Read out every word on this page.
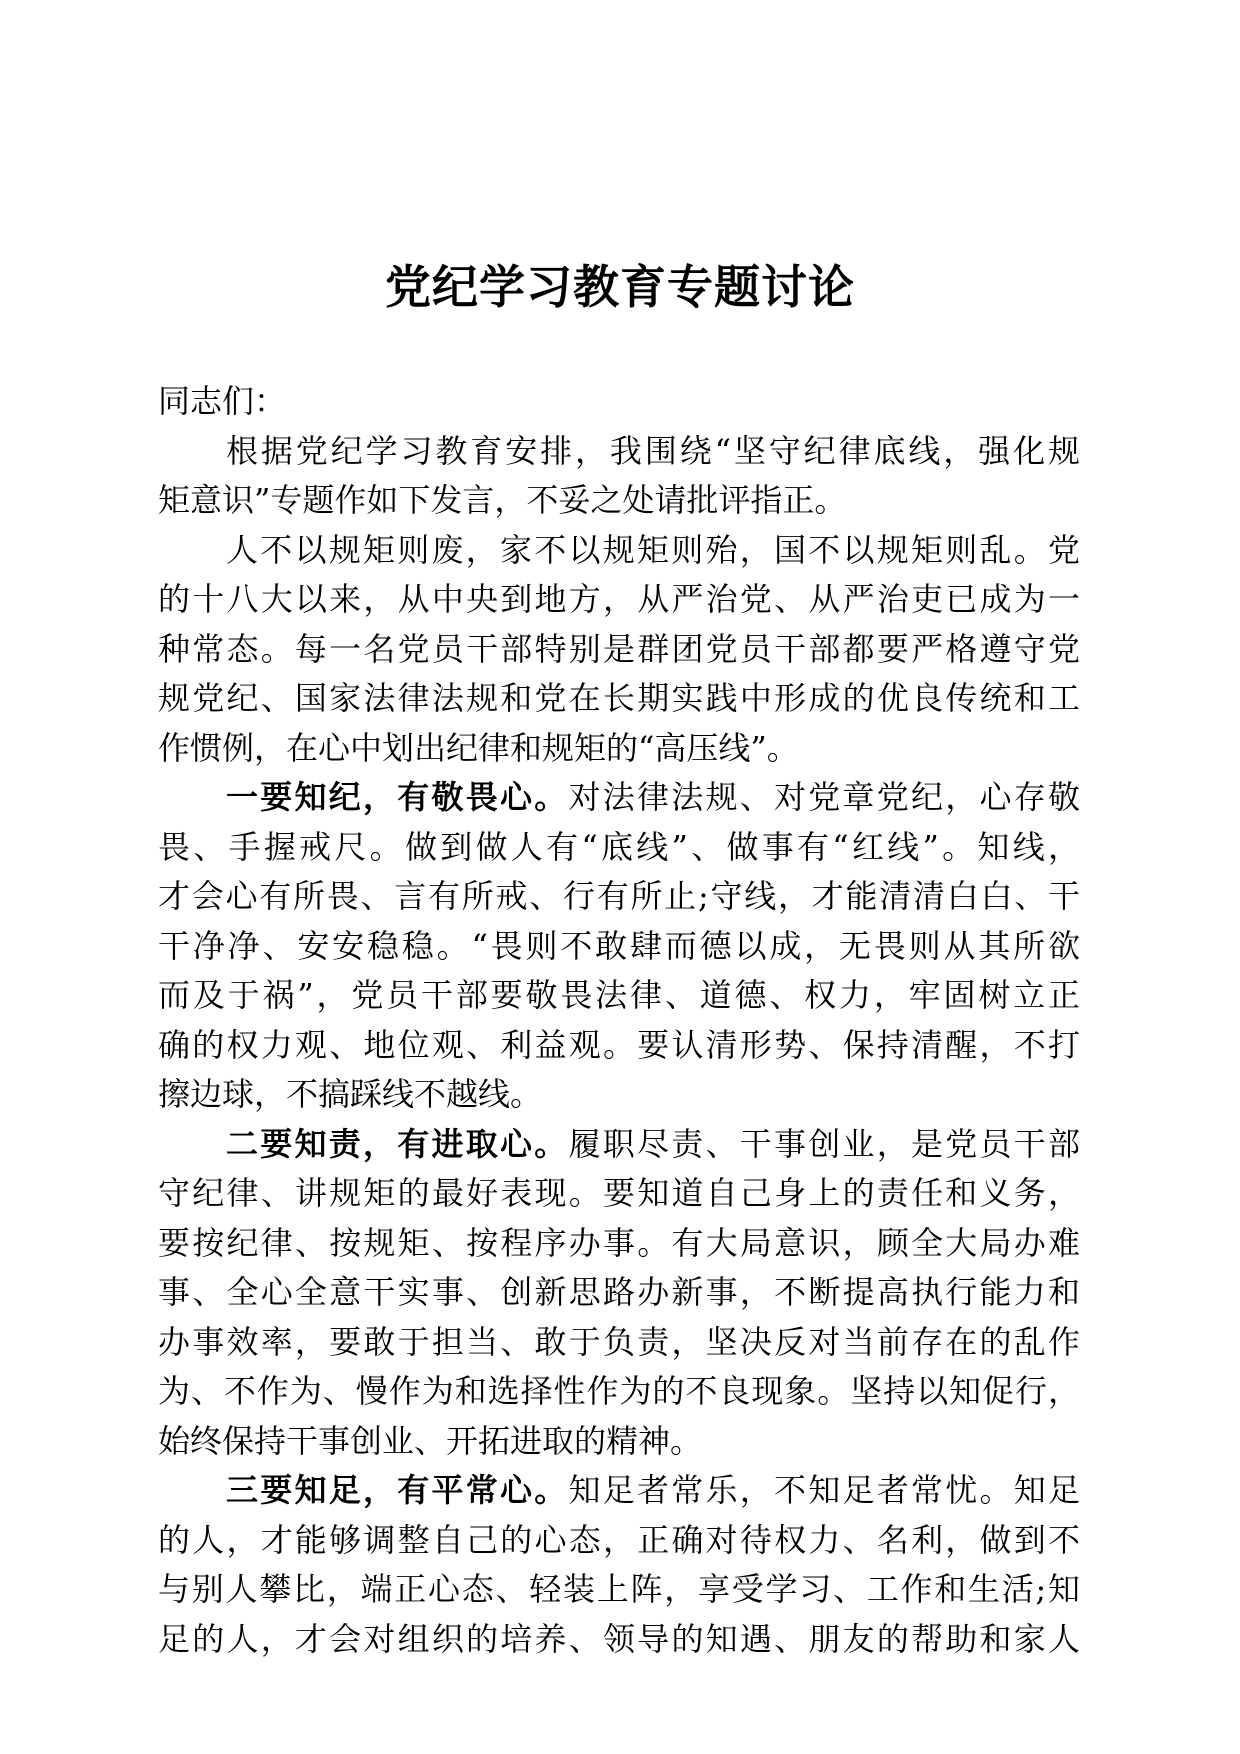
党纪学习教育专题讨论
同志们：
根据党纪学习教育安排，我围绕“坚守纪律底线，强化规
矩意识”专题作如下发言，不妥之处请批评指正。
人不以规矩则废，家不以规矩则殆，国不以规矩则乱。党
的十八大以来，从中央到地方，从严治党、从严治吏已成为一
种常态。每一名党员干部特别是群团党员干部都要严格遵守党
规党纪、国家法律法规和党在长期实践中形成的优良传统和工
作惯例，在心中划出纪律和规矩的“高压线”。
一要知纪，有敬畏心。对法律法规、对党章党纪，心存敬
畏、手握戒尺。做到做人有“底线”、做事有“红线”。知线，
才会心有所畏、言有所戒、行有所止;守线，才能清清白白、干
干净净、安安稳稳。“畏则不敢肆而德以成，无畏则从其所欲
而及于祸”，党员干部要敬畏法律、道德、权力，牢固树立正
确的权力观、地位观、利益观。要认清形势、保持清醒，不打
擦边球，不搞踩线不越线。
二要知责，有进取心。履职尽责、干事创业，是党员干部
守纪律、讲规矩的最好表现。要知道自己身上的责任和义务，
要按纪律、按规矩、按程序办事。有大局意识，顾全大局办难
事、全心全意干实事、创新思路办新事，不断提高执行能力和
办事效率，要敢于担当、敢于负责，坚决反对当前存在的乱作
为、不作为、慢作为和选择性作为的不良现象。坚持以知促行，
始终保持干事创业、开拓进取的精神。
三要知足，有平常心。知足者常乐，不知足者常忧。知足
的人，才能够调整自己的心态，正确对待权力、名利，做到不
与别人攀比，端正心态、轻装上阵，享受学习、工作和生活;知
足的人，才会对组织的培养、领导的知遇、朋友的帮助和家人
